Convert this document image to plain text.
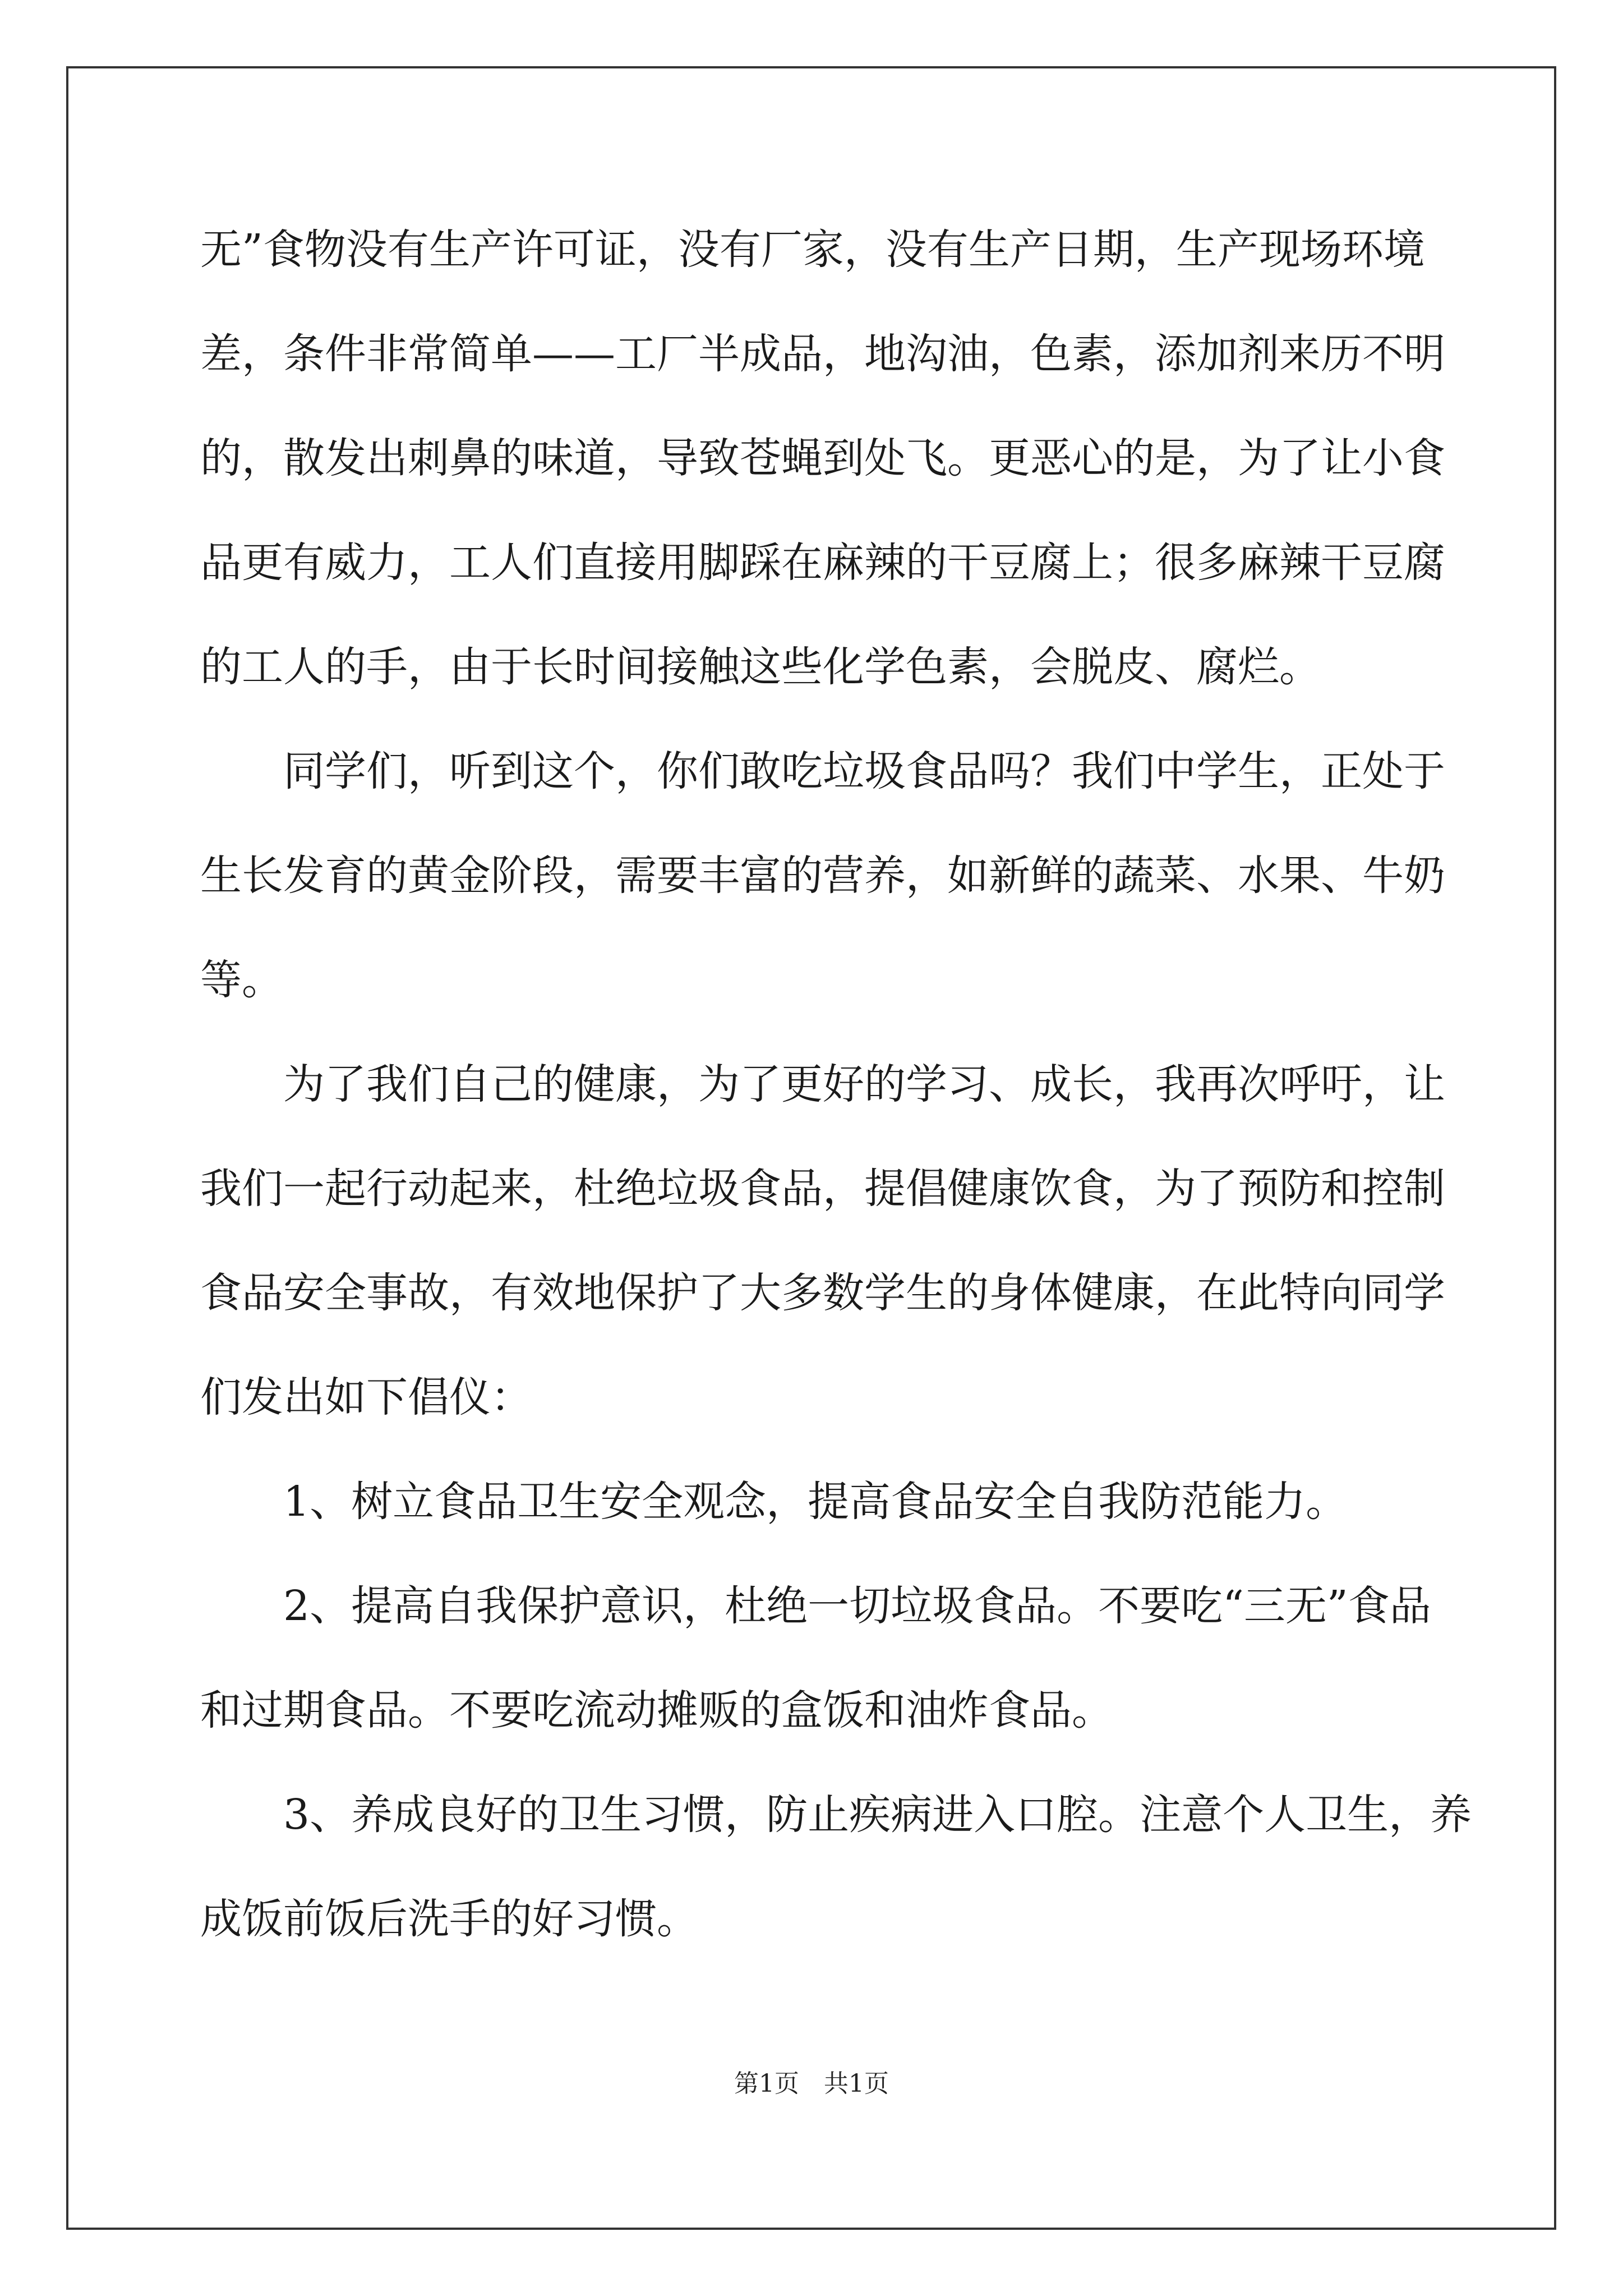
无”食物没有生产许可证，没有厂家，没有生产日期，生产现场环境
差，条件非常简单——工厂半成品，地沟油，色素，添加剂来历不明
的，散发出刺鼻的味道，导致苍蝇到处飞。更恶心的是，为了让小食
品更有威力，工人们直接用脚踩在麻辣的干豆腐上；很多麻辣干豆腐
的工人的手，由于长时间接触这些化学色素，会脱皮、腐烂。
同学们，听到这个，你们敢吃垃圾食品吗？我们中学生，正处于
生长发育的黄金阶段，需要丰富的营养，如新鲜的蔬菜、水果、牛奶
等。
为了我们自己的健康，为了更好的学习、成长，我再次呼吁，让
我们一起行动起来，杜绝垃圾食品，提倡健康饮食，为了预防和控制
食品安全事故，有效地保护了大多数学生的身体健康，在此特向同学
们发出如下倡仪：
1、树立食品卫生安全观念，提高食品安全自我防范能力。
2、提高自我保护意识，杜绝一切垃圾食品。不要吃“三无”食品
和过期食品。不要吃流动摊贩的盒饭和油炸食品。
3、养成良好的卫生习惯，防止疾病进入口腔。注意个人卫生，养
成饭前饭后洗手的好习惯。
第1页　共1页
